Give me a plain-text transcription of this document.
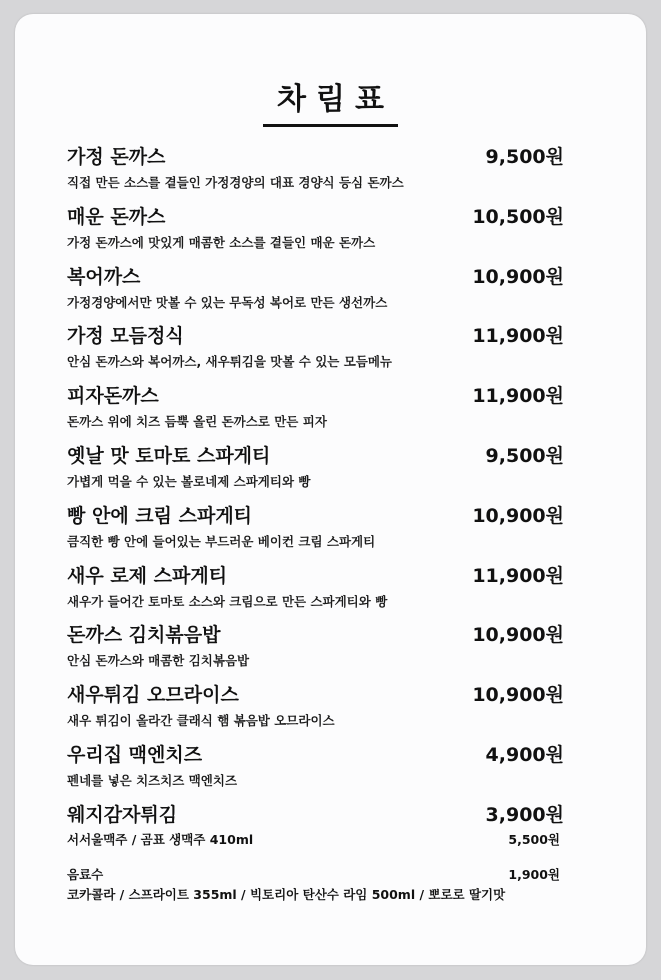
차림표
가정 돈까스	9,500원
직접 만든 소스를 곁들인 가정경양의 대표 경양식 등심 돈까스
매운 돈까스	10,500원
가정 돈까스에 맛있게 매콤한 소스를 곁들인 매운 돈까스
복어까스	10,900원
가정경양에서만 맛볼 수 있는 무독성 복어로 만든 생선까스
가정 모듬정식	11,900원
안심 돈까스와 복어까스, 새우튀김을 맛볼 수 있는 모듬메뉴
피자돈까스	11,900원
돈까스 위에 치즈 듬뿍 올린 돈까스로 만든 피자
옛날 맛 토마토 스파게티	9,500원
가볍게 먹을 수 있는 볼로네제 스파게티와 빵
빵 안에 크림 스파게티	10,900원
큼직한 빵 안에 들어있는 부드러운 베이컨 크림 스파게티
새우 로제 스파게티	11,900원
새우가 들어간 토마토 소스와 크림으로 만든 스파게티와 빵
돈까스 김치볶음밥	10,900원
안심 돈까스와 매콤한 김치볶음밥
새우튀김 오므라이스	10,900원
새우 튀김이 올라간 클래식 햄 볶음밥 오므라이스
우리집 맥엔치즈	4,900원
펜네를 넣은 치즈치즈 맥엔치즈
웨지감자튀김	3,900원
서서울맥주 / 곰표 생맥주 410ml	5,500원
음료수	1,900원
코카콜라 / 스프라이트 355ml / 빅토리아 탄산수 라임 500ml / 뽀로로 딸기맛
